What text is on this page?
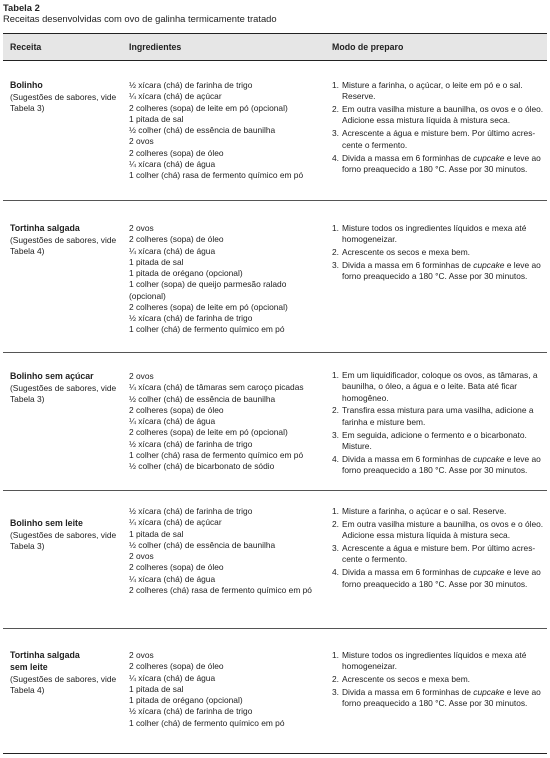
Tabela 2
Receitas desenvolvidas com ovo de galinha termicamente tratado
Receita	Ingredientes	Modo de preparo
Bolinho
(Sugestões de sabores, vide Tabela 3)
½ xícara (chá) de farinha de trigo
¼ xícara (chá) de açúcar
2 colheres (sopa) de leite em pó (opcional)
1 pitada de sal
½ colher (chá) de essência de baunilha
2 ovos
2 colheres (sopa) de óleo
¼ xícara (chá) de água
1 colher (chá) rasa de fermento químico em pó
1. Misture a farinha, o açúcar, o leite em pó e o sal. Reserve.
2. Em outra vasilha misture a baunilha, os ovos e o óleo. Adicione essa mistura líquida à mistura seca.
3. Acrescente a água e misture bem. Por último acres-cente o fermento.
4. Divida a massa em 6 forminhas de cupcake e leve ao forno preaquecido a 180 °C. Asse por 30 minutos.
Tortinha salgada
(Sugestões de sabores, vide Tabela 4)
2 ovos
2 colheres (sopa) de óleo
¼ xícara (chá) de água
1 pitada de sal
1 pitada de orégano (opcional)
1 colher (sopa) de queijo parmesão ralado
(opcional)
2 colheres (sopa) de leite em pó (opcional)
½ xícara (chá) de farinha de trigo
1 colher (chá) de fermento químico em pó
1. Misture todos os ingredientes líquidos e mexa até homogeneizar.
2. Acrescente os secos e mexa bem.
3. Divida a massa em 6 forminhas de cupcake e leve ao forno preaquecido a 180 °C. Asse por 30 minutos.
Bolinho sem açúcar
(Sugestões de sabores, vide Tabela 3)
2 ovos
¼ xícara (chá) de tâmaras sem caroço picadas
½ colher (chá) de essência de baunilha
2 colheres (sopa) de óleo
¼ xícara (chá) de água
2 colheres (sopa) de leite em pó (opcional)
½ xícara (chá) de farinha de trigo
1 colher (chá) rasa de fermento químico em pó
½ colher (chá) de bicarbonato de sódio
1. Em um liquidificador, coloque os ovos, as tâmaras, a baunilha, o óleo, a água e o leite. Bata até ficar homogêneo.
2. Transfira essa mistura para uma vasilha, adicione a farinha e misture bem.
3. Em seguida, adicione o fermento e o bicarbonato. Misture.
4. Divida a massa em 6 forminhas de cupcake e leve ao forno preaquecido a 180 °C. Asse por 30 minutos.
Bolinho sem leite
(Sugestões de sabores, vide Tabela 3)
½ xícara (chá) de farinha de trigo
¼ xícara (chá) de açúcar
1 pitada de sal
½ colher (chá) de essência de baunilha
2 ovos
2 colheres (sopa) de óleo
¼ xícara (chá) de água
2 colheres (chá) rasa de fermento químico em pó
1. Misture a farinha, o açúcar e o sal. Reserve.
2. Em outra vasilha misture a baunilha, os ovos e o óleo. Adicione essa mistura líquida à mistura seca.
3. Acrescente a água e misture bem. Por último acres-cente o fermento.
4. Divida a massa em 6 forminhas de cupcake e leve ao forno preaquecido a 180 °C. Asse por 30 minutos.
Tortinha salgada sem leite
(Sugestões de sabores, vide Tabela 4)
2 ovos
2 colheres (sopa) de óleo
¼ xícara (chá) de água
1 pitada de sal
1 pitada de orégano (opcional)
½ xícara (chá) de farinha de trigo
1 colher (chá) de fermento químico em pó
1. Misture todos os ingredientes líquidos e mexa até homogeneizar.
2. Acrescente os secos e mexa bem.
3. Divida a massa em 6 forminhas de cupcake e leve ao forno preaquecido a 180 °C. Asse por 30 minutos.
